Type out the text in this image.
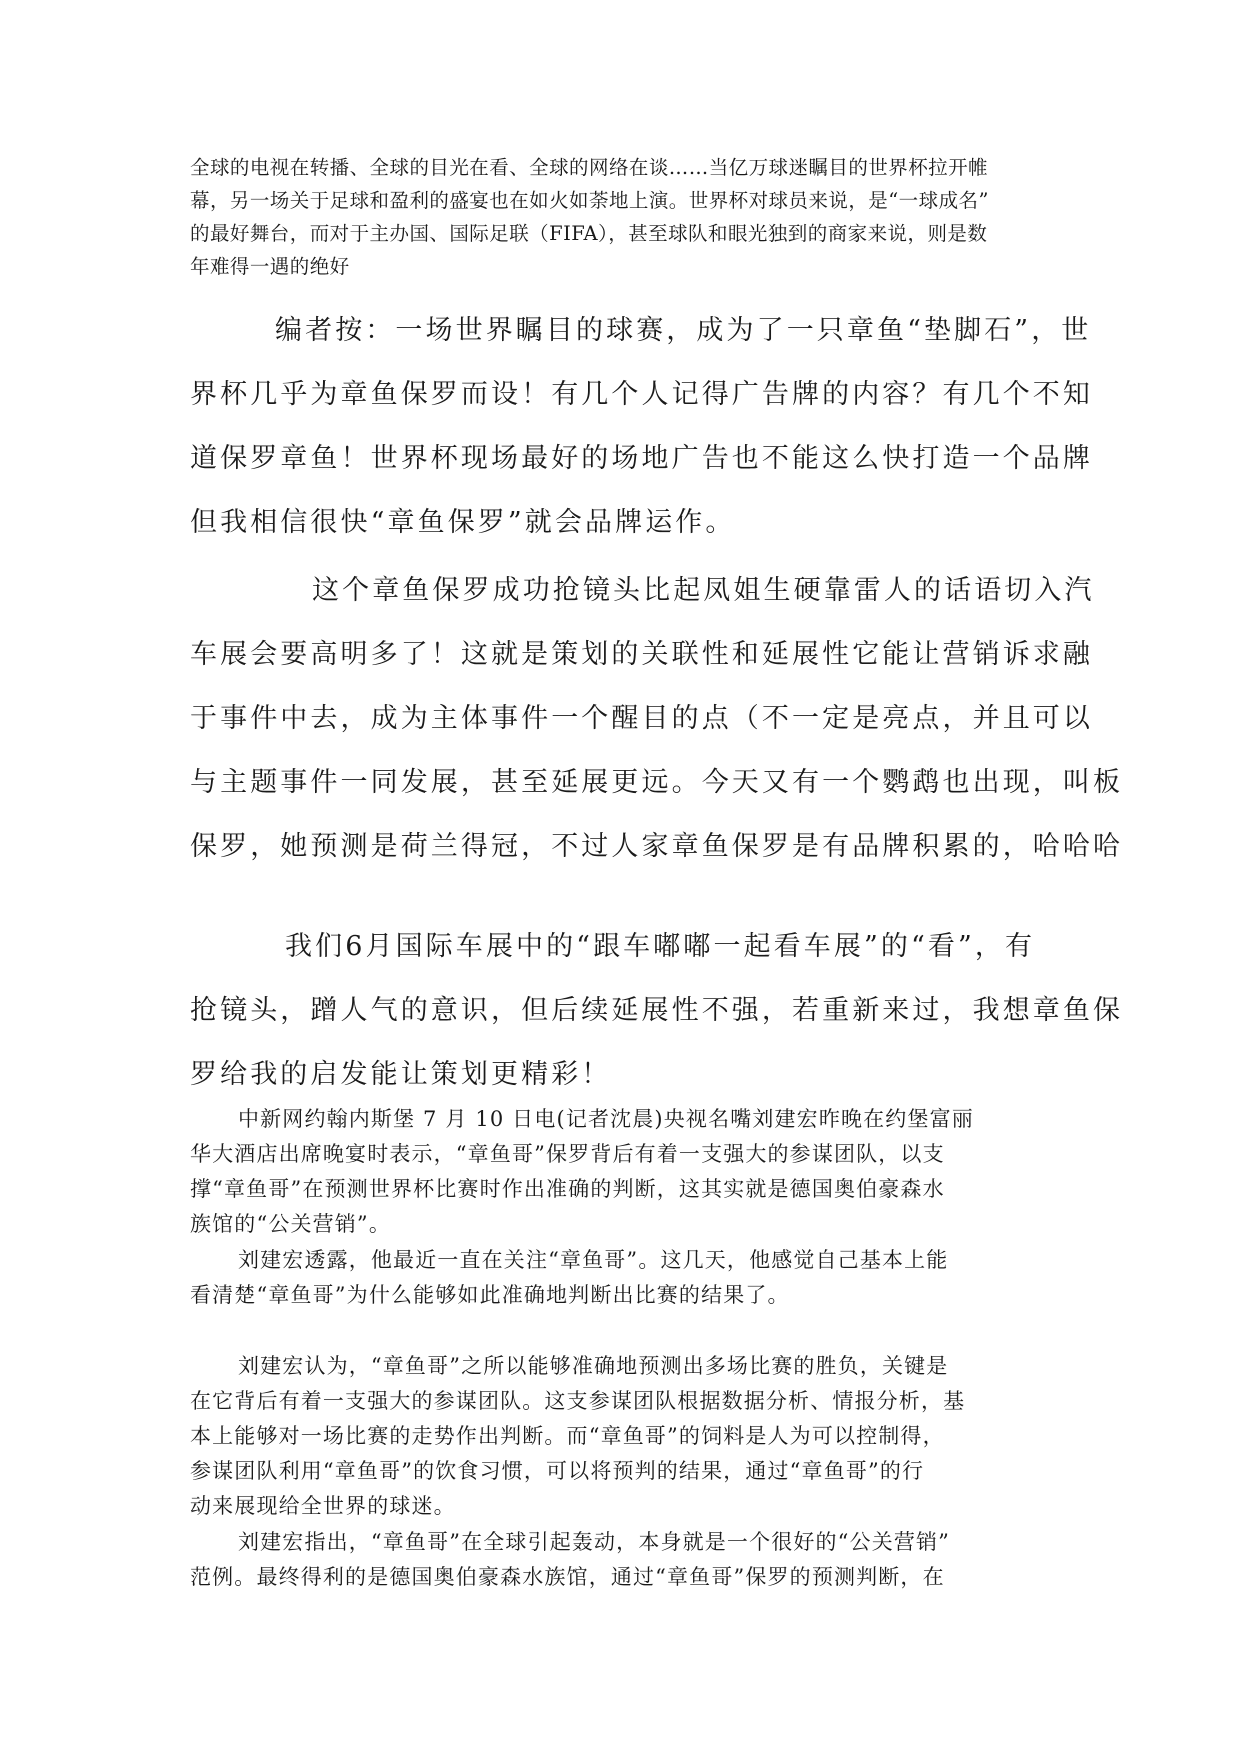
全球的电视在转播、全球的目光在看、全球的网络在谈……当亿万球迷瞩目的世界杯拉开帷
幕，另一场关于足球和盈利的盛宴也在如火如荼地上演。世界杯对球员来说，是“一球成名”
的最好舞台，而对于主办国、国际足联（FIFA），甚至球队和眼光独到的商家来说，则是数
年难得一遇的绝好
编者按：一场世界瞩目的球赛，成为了一只章鱼“垫脚石”，世
界杯几乎为章鱼保罗而设！有几个人记得广告牌的内容？有几个不知
道保罗章鱼！世界杯现场最好的场地广告也不能这么快打造一个品牌
但我相信很快“章鱼保罗”就会品牌运作。
这个章鱼保罗成功抢镜头比起凤姐生硬靠雷人的话语切入汽
车展会要高明多了！这就是策划的关联性和延展性它能让营销诉求融
于事件中去，成为主体事件一个醒目的点（不一定是亮点，并且可以
与主题事件一同发展，甚至延展更远。今天又有一个鹦鹉也出现，叫板
保罗，她预测是荷兰得冠，不过人家章鱼保罗是有品牌积累的，哈哈哈
我们6月国际车展中的“跟车嘟嘟一起看车展”的“看”，有
抢镜头，蹭人气的意识，但后续延展性不强，若重新来过，我想章鱼保
罗给我的启发能让策划更精彩！
中新网约翰内斯堡 7 月 10 日电(记者沈晨)央视名嘴刘建宏昨晚在约堡富丽
华大酒店出席晚宴时表示，“章鱼哥”保罗背后有着一支强大的参谋团队，以支
撑“章鱼哥”在预测世界杯比赛时作出准确的判断，这其实就是德国奥伯豪森水
族馆的“公关营销”。
刘建宏透露，他最近一直在关注“章鱼哥”。这几天，他感觉自己基本上能
看清楚“章鱼哥”为什么能够如此准确地判断出比赛的结果了。
刘建宏认为，“章鱼哥”之所以能够准确地预测出多场比赛的胜负，关键是
在它背后有着一支强大的参谋团队。这支参谋团队根据数据分析、情报分析，基
本上能够对一场比赛的走势作出判断。而“章鱼哥”的饲料是人为可以控制得，
参谋团队利用“章鱼哥”的饮食习惯，可以将预判的结果，通过“章鱼哥”的行
动来展现给全世界的球迷。
刘建宏指出，“章鱼哥”在全球引起轰动，本身就是一个很好的“公关营销”
范例。最终得利的是德国奥伯豪森水族馆，通过“章鱼哥”保罗的预测判断，在
